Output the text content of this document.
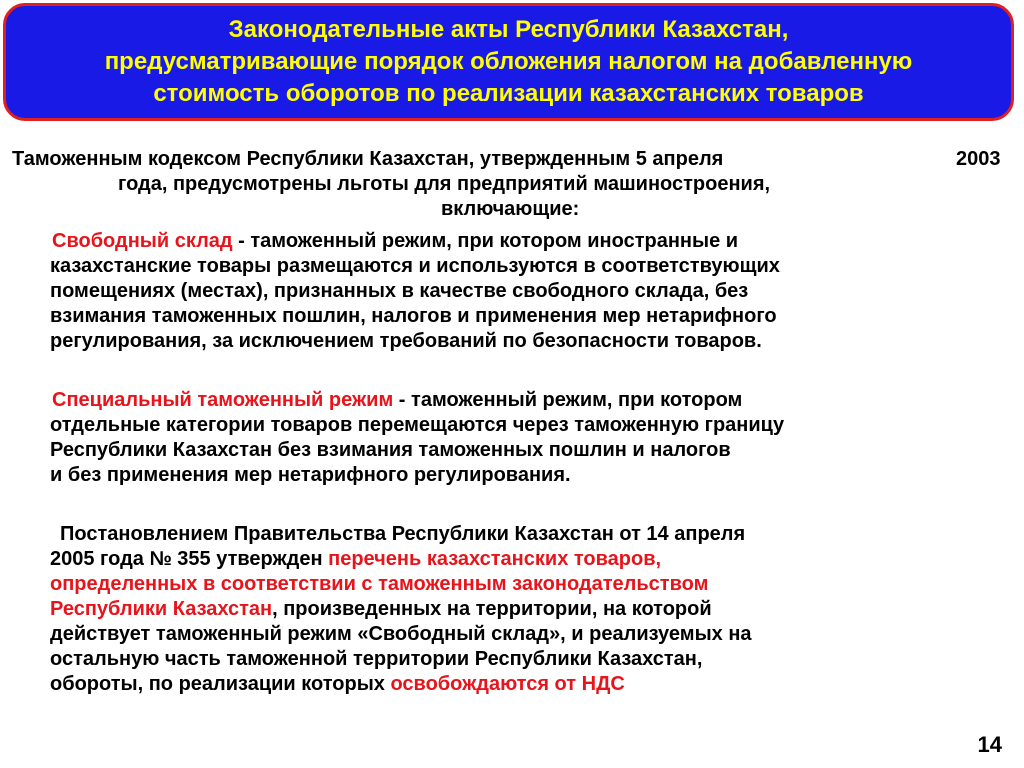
Законодательные акты Республики Казахстан,
предусматривающие порядок обложения налогом на добавленную
стоимость оборотов по реализации казахстанских товаров
Таможенным кодексом Республики Казахстан, утвержденным 5 апреля	2003
года, предусмотрены льготы для предприятий машиностроения,
включающие:
Свободный склад - таможенный режим, при котором иностранные и
казахстанские товары размещаются и используются в соответствующих
помещениях (местах), признанных в качестве свободного склада, без
взимания таможенных пошлин, налогов и применения мер нетарифного
регулирования, за исключением требований по безопасности товаров.
Специальный таможенный режим - таможенный режим, при котором
отдельные категории товаров перемещаются через таможенную границу
Республики Казахстан без взимания таможенных пошлин и налогов
и без применения мер нетарифного регулирования.
Постановлением Правительства Республики Казахстан от 14 апреля
2005 года № 355 утвержден перечень казахстанских товаров,
определенных в соответствии с таможенным законодательством
Республики Казахстан, произведенных на территории, на которой
действует таможенный режим «Свободный склад», и реализуемых на
остальную часть таможенной территории Республики Казахстан,
обороты, по реализации которых освобождаются от НДС
14
